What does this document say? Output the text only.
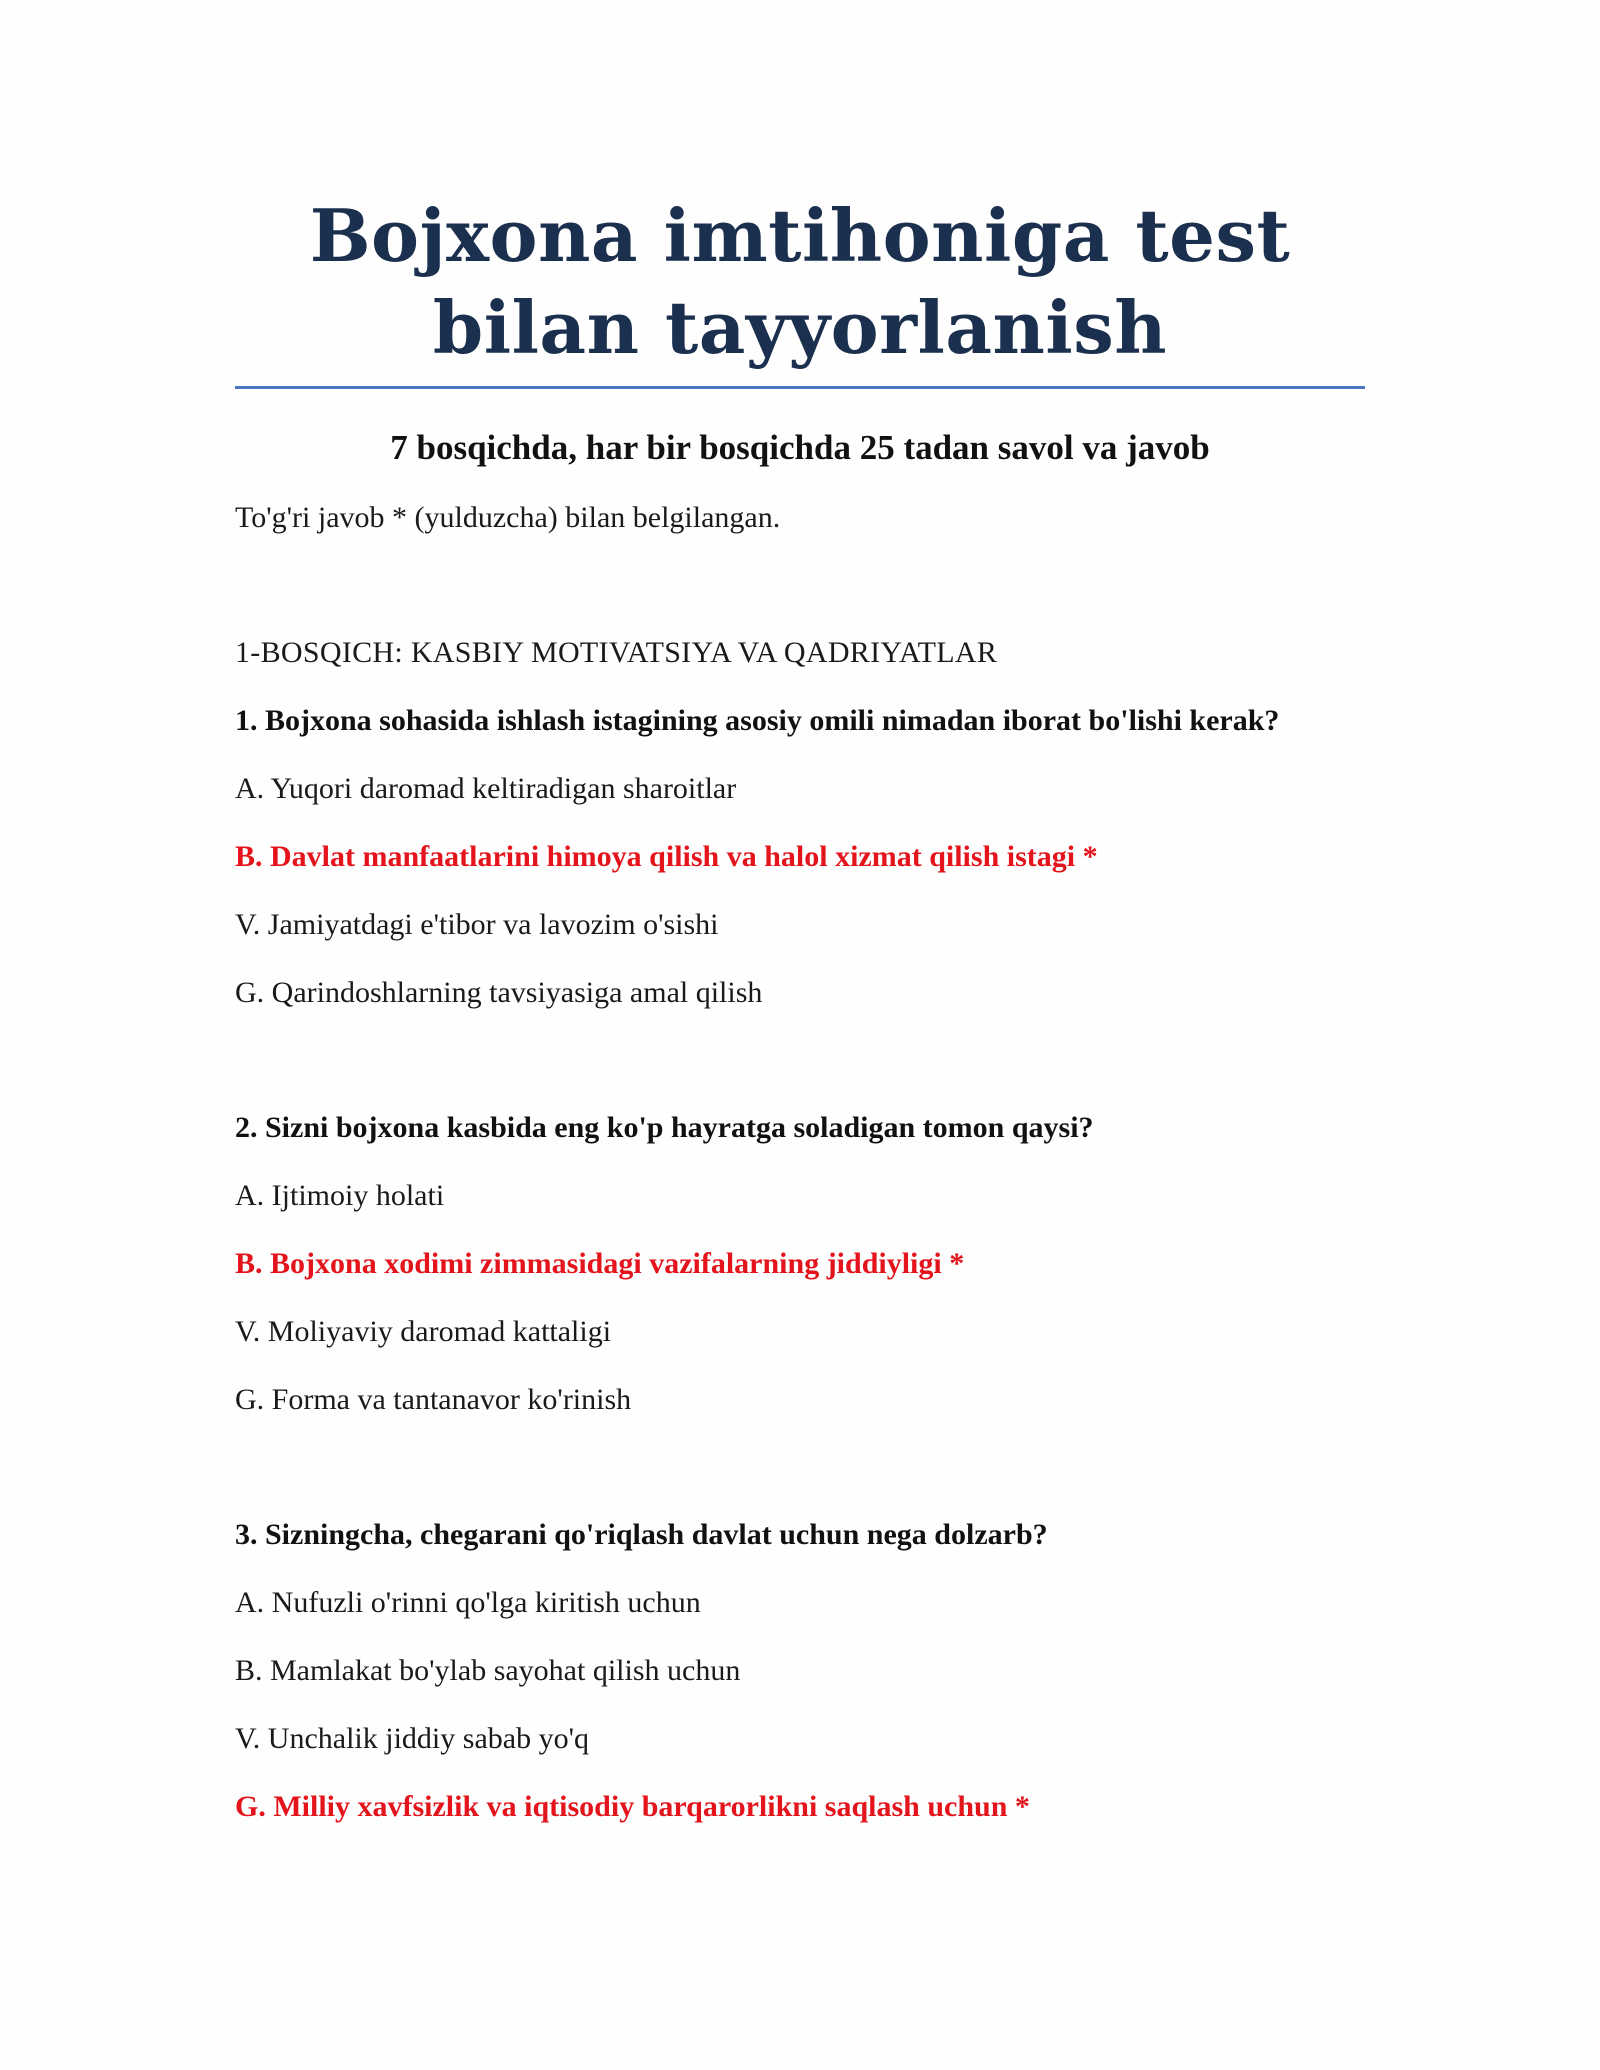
Bojxona imtihoniga test bilan tayyorlanish
7 bosqichda, har bir bosqichda 25 tadan savol va javob

To'g'ri javob * (yulduzcha) bilan belgilangan.

1-BOSQICH: KASBIY MOTIVATSIYA VA QADRIYATLAR

1. Bojxona sohasida ishlash istagining asosiy omili nimadan iborat bo'lishi kerak?

A. Yuqori daromad keltiradigan sharoitlar

B. Davlat manfaatlarini himoya qilish va halol xizmat qilish istagi *

V. Jamiyatdagi e'tibor va lavozim o'sishi

G. Qarindoshlarning tavsiyasiga amal qilish

2. Sizni bojxona kasbida eng ko'p hayratga soladigan tomon qaysi?

A. Ijtimoiy holati

B. Bojxona xodimi zimmasidagi vazifalarning jiddiyligi *

V. Moliyaviy daromad kattaligi

G. Forma va tantanavor ko'rinish

3. Sizningcha, chegarani qo'riqlash davlat uchun nega dolzarb?

A. Nufuzli o'rinni qo'lga kiritish uchun

B. Mamlakat bo'ylab sayohat qilish uchun

V. Unchalik jiddiy sabab yo'q

G. Milliy xavfsizlik va iqtisodiy barqarorlikni saqlash uchun *
